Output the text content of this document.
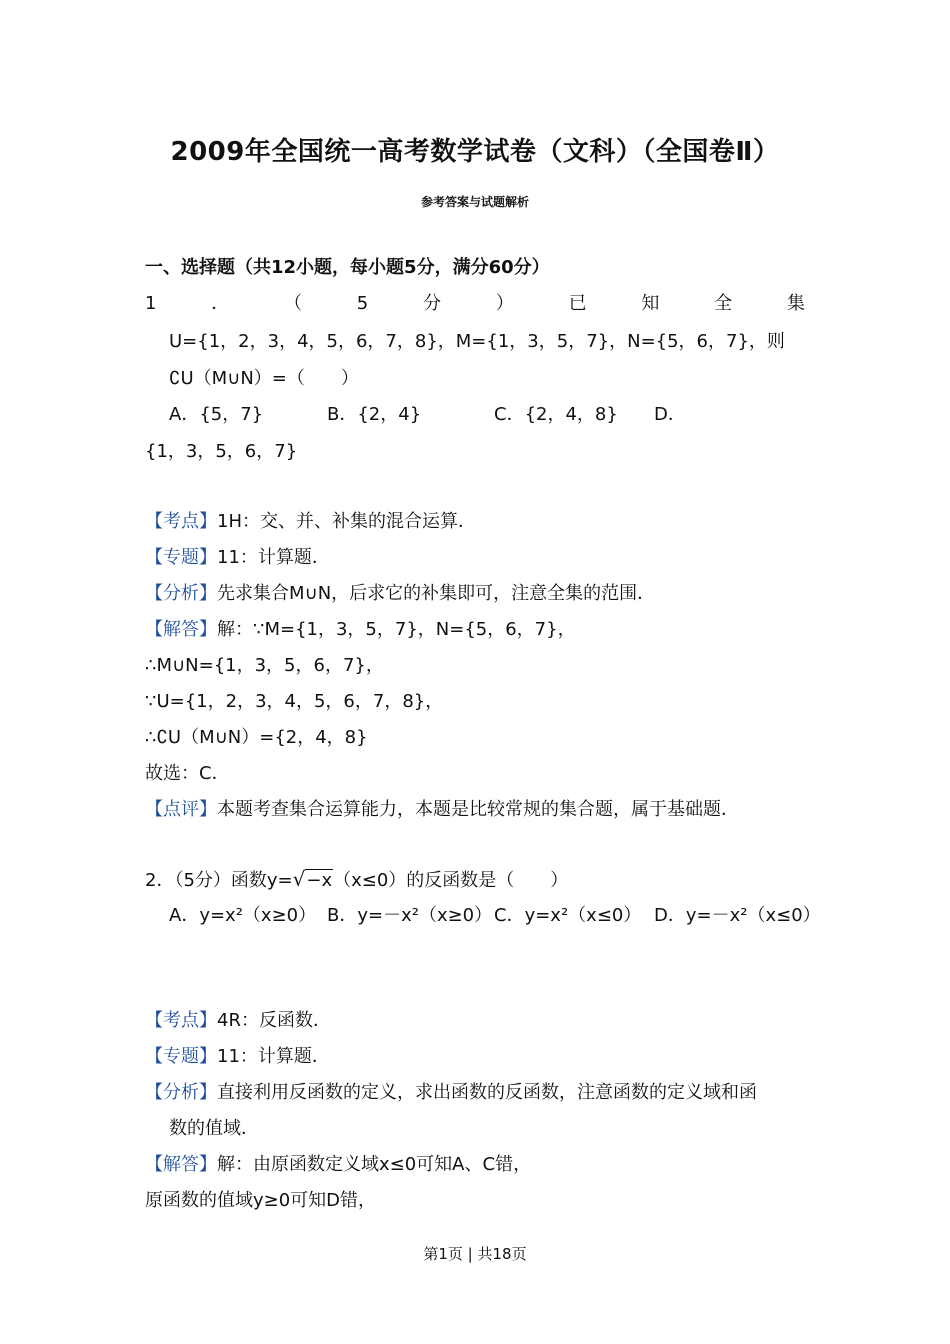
2009年全国统一高考数学试卷（文科）（全国卷Ⅱ）
参考答案与试题解析
一、选择题（共12小题，每小题5分，满分60分）
1	．	（	5	分	）	已	知	全	集
U={1，2，3，4，5，6，7，8}，M={1，3，5，7}，N={5，6，7}，则
∁U（M∪N）=（　　）
A．{5，7}	B．{2，4}	C．{2，4，8} D．
{1，3，5，6，7}
【考点】1H：交、并、补集的混合运算．
【专题】11：计算题．
【分析】先求集合M∪N，后求它的补集即可，注意全集的范围．
【解答】解：∵M={1，3，5，7}，N={5，6，7}，
∴M∪N={1，3，5，6，7}，
∵U={1，2，3，4，5，6，7，8}，
∴∁U（M∪N）={2，4，8}
故选：C．
【点评】本题考查集合运算能力，本题是比较常规的集合题，属于基础题．
2．（5分）函数y=√−x（x≤0）的反函数是（　　）
A．y=x²（x≥0） B．y=－x²（x≥0） C．y=x²（x≤0） D．y=－x²（x≤0）
【考点】4R：反函数．
【专题】11：计算题．
【分析】直接利用反函数的定义，求出函数的反函数，注意函数的定义域和函
数的值域．
【解答】解：由原函数定义域x≤0可知A、C错，
原函数的值域y≥0可知D错，
第1页 | 共18页
